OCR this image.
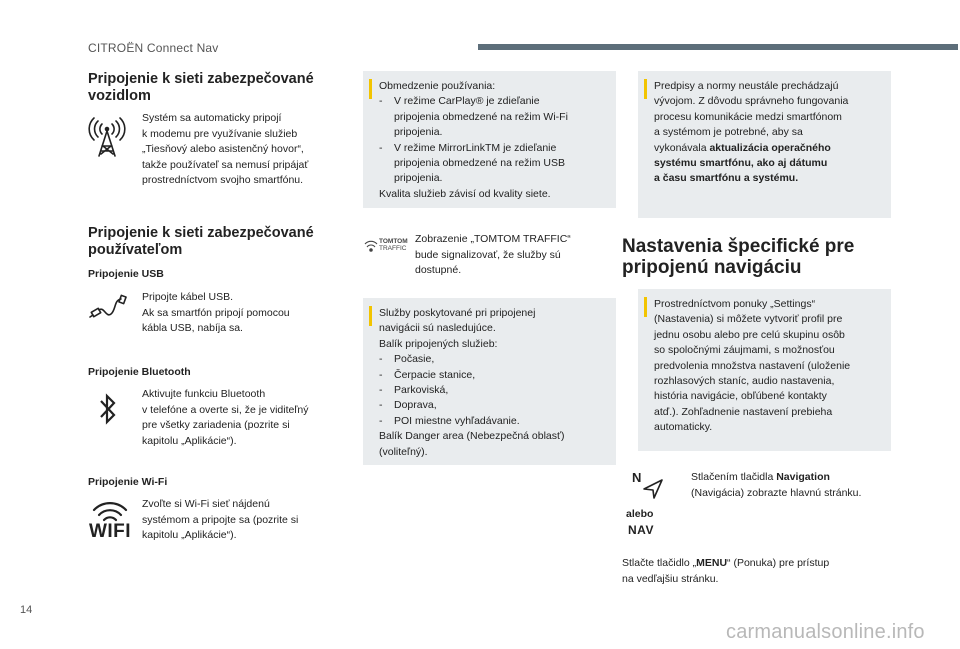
CITROËN Connect Nav
Pripojenie k sieti zabezpečované
vozidlom
Systém sa automaticky pripojí
k modemu pre využívanie služieb
„Tiesňový alebo asistenčný hovor“,
takže používateľ sa nemusí pripájať
prostredníctvom svojho smartfónu.
Pripojenie k sieti zabezpečované
používateľom
Pripojenie USB
Pripojte kábel USB.
Ak sa smartfón pripojí pomocou
kábla USB, nabíja sa.
Pripojenie Bluetooth
Aktivujte funkciu Bluetooth
v telefóne a overte si, že je viditeľný
pre všetky zariadenia (pozrite si
kapitolu „Aplikácie“).
Pripojenie Wi-Fi
WIFI
Zvoľte si Wi-Fi sieť nájdenú
systémom a pripojte sa (pozrite si
kapitolu „Aplikácie“).
Obmedzenie používania:
-	V režime CarPlay® je zdieľanie
pripojenia obmedzené na režim Wi-Fi
pripojenia.
-	V režime MirrorLinkTM je zdieľanie
pripojenia obmedzené na režim USB
pripojenia.
Kvalita služieb závisí od kvality siete.
TOMTOM
TRAFFIC
Zobrazenie „TOMTOM TRAFFIC“
bude signalizovať, že služby sú
dostupné.
Služby poskytované pri pripojenej
navigácii sú nasledujúce.
Balík pripojených služieb:
-	Počasie,
-	Čerpacie stanice,
-	Parkoviská,
-	Doprava,
-	POI miestne vyhľadávanie.
Balík Danger area (Nebezpečná oblasť)
(voliteľný).
Predpisy a normy neustále prechádzajú
vývojom. Z dôvodu správneho fungovania
procesu komunikácie medzi smartfónom
a systémom je potrebné, aby sa
vykonávala aktualizácia operačného
systému smartfónu, ako aj dátumu
a času smartfónu a systému.
Nastavenia špecifické pre
pripojenú navigáciu
Prostredníctvom ponuky „Settings“
(Nastavenia) si môžete vytvoriť profil pre
jednu osobu alebo pre celú skupinu osôb
so spoločnými záujmami, s možnosťou
predvolenia množstva nastavení (uloženie
rozhlasových staníc, audio nastavenia,
história navigácie, obľúbené kontakty
atď.). Zohľadnenie nastavení prebieha
automaticky.
N
alebo
NAV
Stlačením tlačidla Navigation
(Navigácia) zobrazte hlavnú stránku.
Stlačte tlačidlo „MENU“ (Ponuka) pre prístup
na vedľajšiu stránku.
14
carmanualsonline.info
